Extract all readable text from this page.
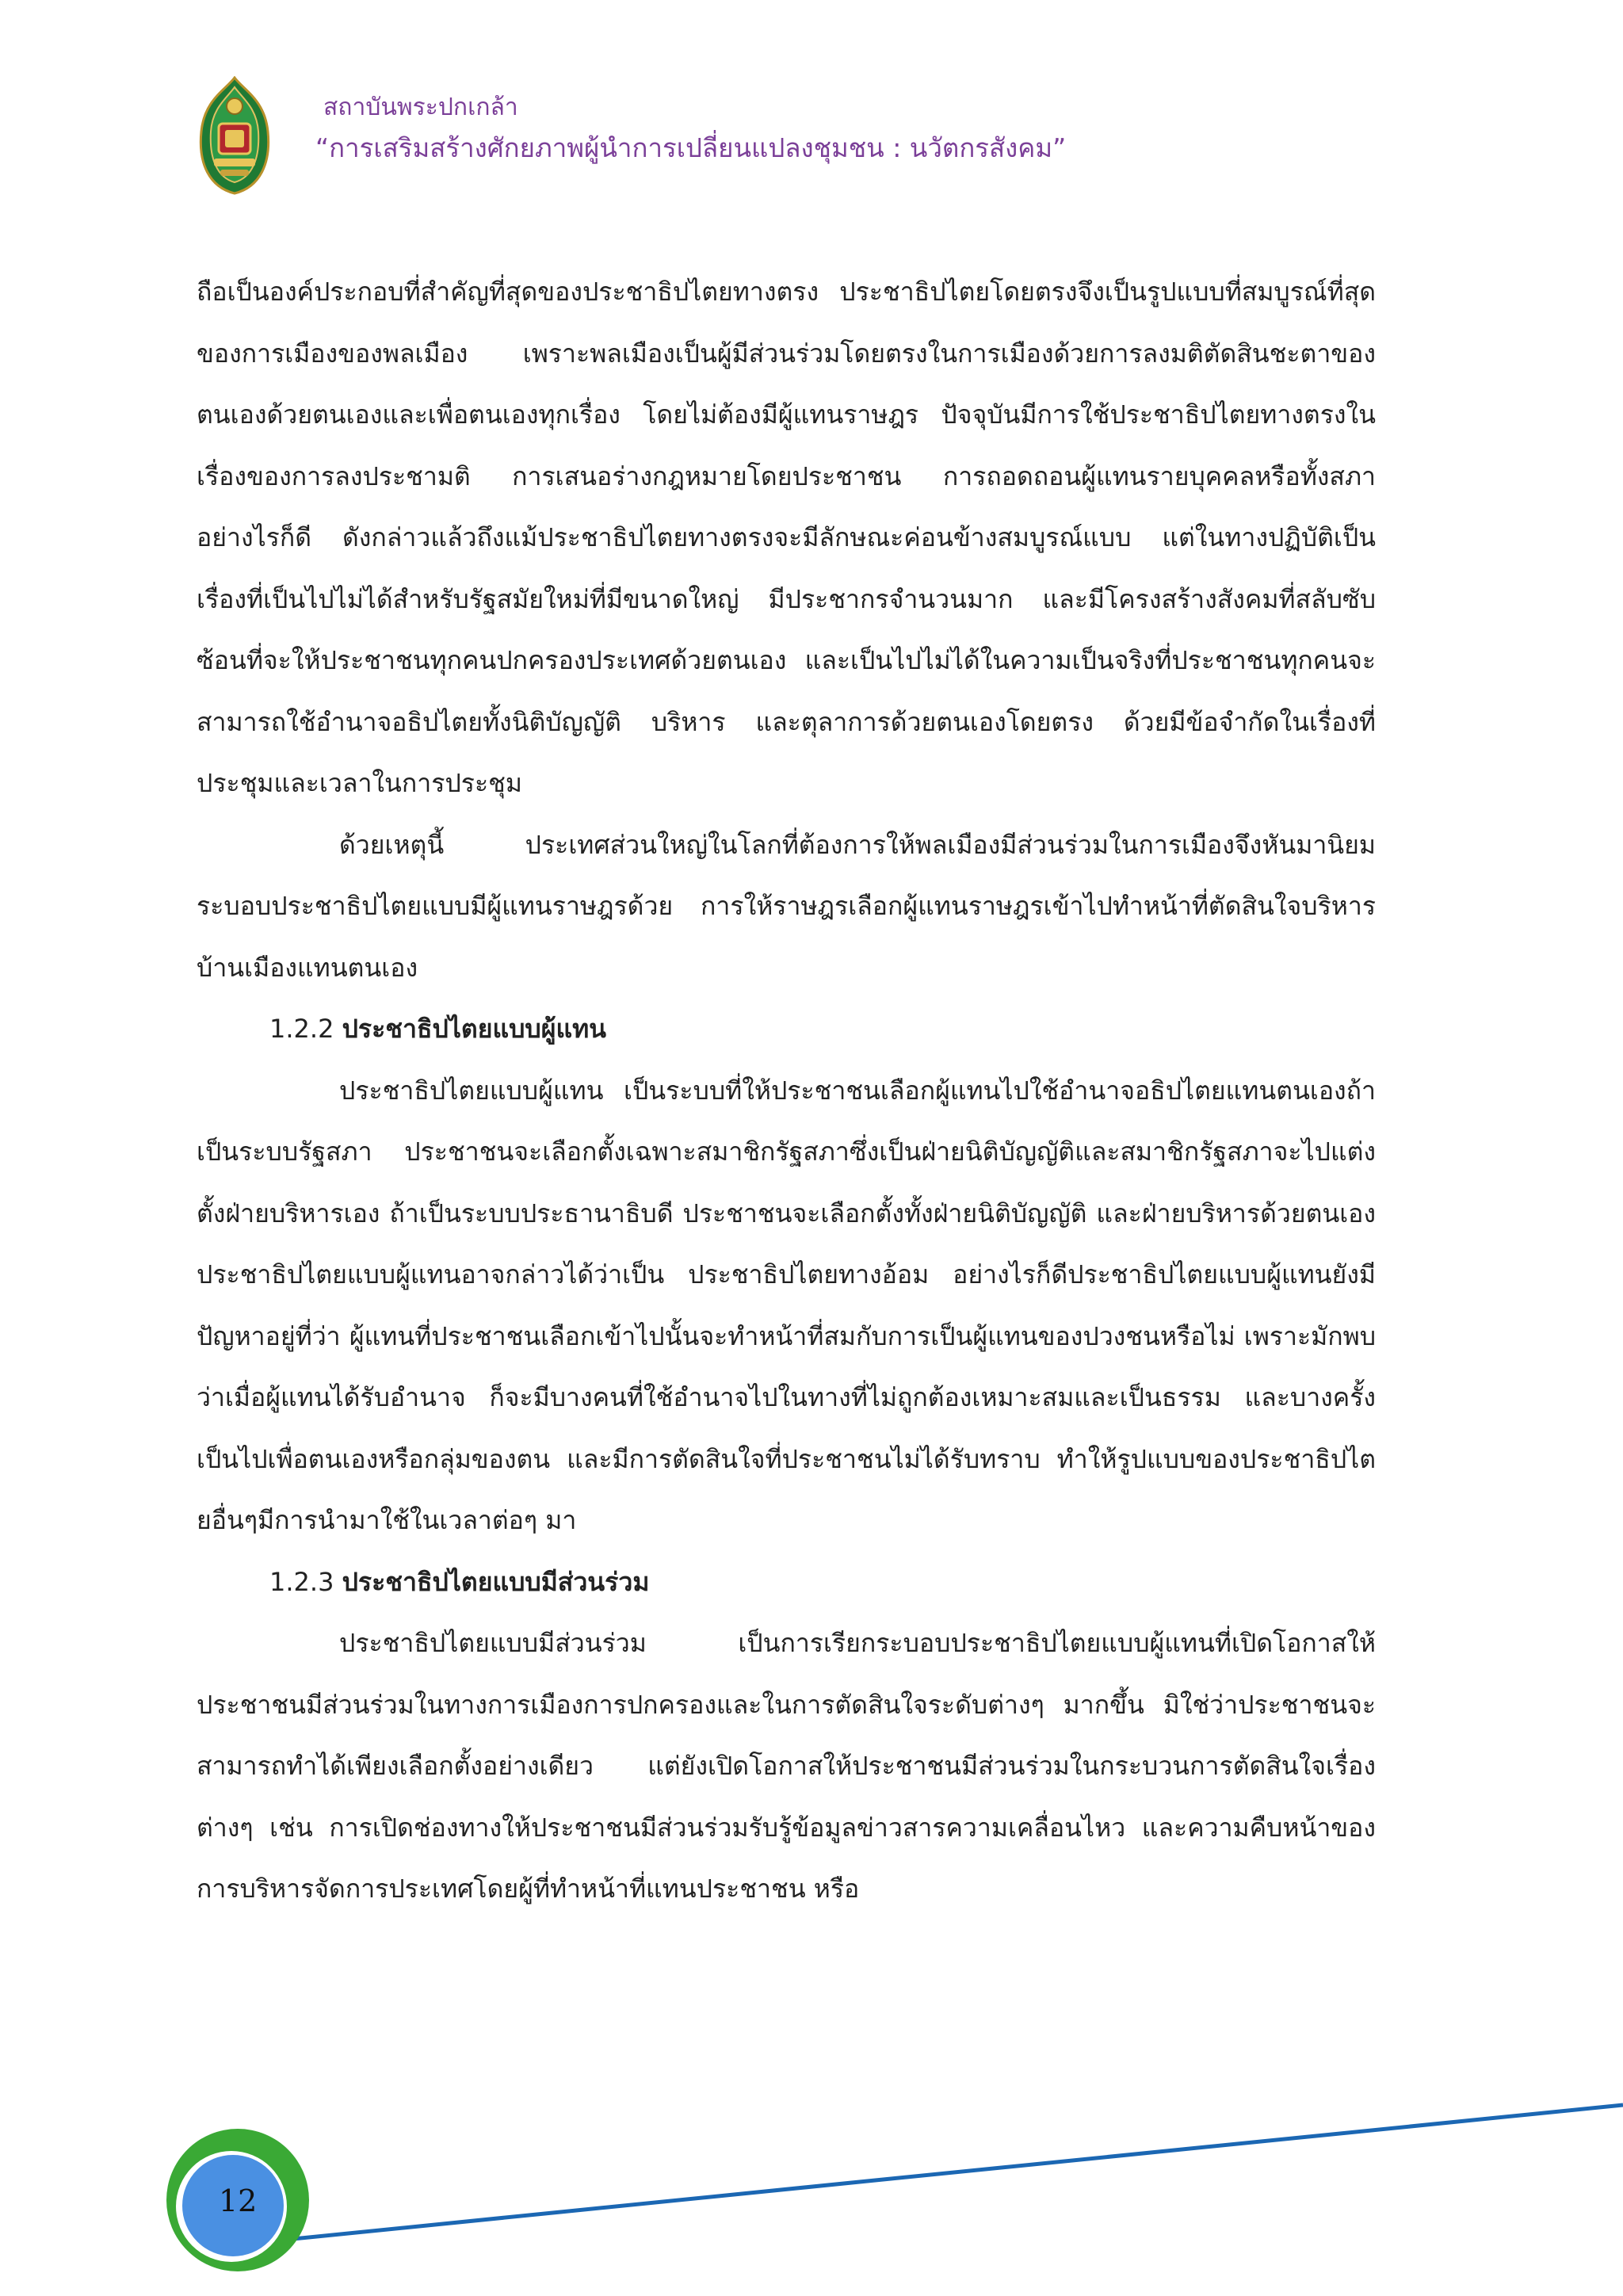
สถาบันพระปกเกล้า
“การเสริมสร้างศักยภาพผู้นำการเปลี่ยนแปลงชุมชน : นวัตกรสังคม”

ถือเป็นองค์ประกอบที่สำคัญที่สุดของประชาธิปไตยทางตรง ประชาธิปไตยโดยตรงจึงเป็นรูปแบบที่สมบูรณ์ที่สุดของการเมืองของพลเมือง เพราะพลเมืองเป็นผู้มีส่วนร่วมโดยตรงในการเมืองด้วยการลงมติตัดสินชะตาของตนเองด้วยตนเองและเพื่อตนเองทุกเรื่อง โดยไม่ต้องมีผู้แทนราษฎร ปัจจุบันมีการใช้ประชาธิปไตยทางตรงในเรื่องของการลงประชามติ การเสนอร่างกฎหมายโดยประชาชน การถอดถอนผู้แทนรายบุคคลหรือทั้งสภา อย่างไรก็ดี ดังกล่าวแล้วถึงแม้ประชาธิปไตยทางตรงจะมีลักษณะค่อนข้างสมบูรณ์แบบ แต่ในทางปฏิบัติเป็นเรื่องที่เป็นไปไม่ได้สำหรับรัฐสมัยใหม่ที่มีขนาดใหญ่ มีประชากรจำนวนมาก และมีโครงสร้างสังคมที่สลับซับซ้อนที่จะให้ประชาชนทุกคนปกครองประเทศด้วยตนเอง และเป็นไปไม่ได้ในความเป็นจริงที่ประชาชนทุกคนจะสามารถใช้อำนาจอธิปไตยทั้งนิติบัญญัติ บริหาร และตุลาการด้วยตนเองโดยตรง ด้วยมีข้อจำกัดในเรื่องที่ประชุมและเวลาในการประชุม

ด้วยเหตุนี้ ประเทศส่วนใหญ่ในโลกที่ต้องการให้พลเมืองมีส่วนร่วมในการเมืองจึงหันมานิยมระบอบประชาธิปไตยแบบมีผู้แทนราษฎรด้วย การให้ราษฎรเลือกผู้แทนราษฎรเข้าไปทำหน้าที่ตัดสินใจบริหารบ้านเมืองแทนตนเอง

1.2.2 ประชาธิปไตยแบบผู้แทน

ประชาธิปไตยแบบผู้แทน เป็นระบบที่ให้ประชาชนเลือกผู้แทนไปใช้อำนาจอธิปไตยแทนตนเองถ้าเป็นระบบรัฐสภา ประชาชนจะเลือกตั้งเฉพาะสมาชิกรัฐสภาซึ่งเป็นฝ่ายนิติบัญญัติและสมาชิกรัฐสภาจะไปแต่งตั้งฝ่ายบริหารเอง ถ้าเป็นระบบประธานาธิบดี ประชาชนจะเลือกตั้งทั้งฝ่ายนิติบัญญัติ และฝ่ายบริหารด้วยตนเอง ประชาธิปไตยแบบผู้แทนอาจกล่าวได้ว่าเป็น ประชาธิปไตยทางอ้อม อย่างไรก็ดีประชาธิปไตยแบบผู้แทนยังมีปัญหาอยู่ที่ว่า ผู้แทนที่ประชาชนเลือกเข้าไปนั้นจะทำหน้าที่สมกับการเป็นผู้แทนของปวงชนหรือไม่ เพราะมักพบว่าเมื่อผู้แทนได้รับอำนาจ ก็จะมีบางคนที่ใช้อำนาจไปในทางที่ไม่ถูกต้องเหมาะสมและเป็นธรรม และบางครั้งเป็นไปเพื่อตนเองหรือกลุ่มของตน และมีการตัดสินใจที่ประชาชนไม่ได้รับทราบ ทำให้รูปแบบของประชาธิปไตยอื่นๆมีการนำมาใช้ในเวลาต่อๆ มา

1.2.3 ประชาธิปไตยแบบมีส่วนร่วม

ประชาธิปไตยแบบมีส่วนร่วม เป็นการเรียกระบอบประชาธิปไตยแบบผู้แทนที่เปิดโอกาสให้ประชาชนมีส่วนร่วมในทางการเมืองการปกครองและในการตัดสินใจระดับต่างๆ มากขึ้น มิใช่ว่าประชาชนจะสามารถทำได้เพียงเลือกตั้งอย่างเดียว แต่ยังเปิดโอกาสให้ประชาชนมีส่วนร่วมในกระบวนการตัดสินใจเรื่องต่างๆ เช่น การเปิดช่องทางให้ประชาชนมีส่วนร่วมรับรู้ข้อมูลข่าวสารความเคลื่อนไหว และความคืบหน้าของการบริหารจัดการประเทศโดยผู้ที่ทำหน้าที่แทนประชาชน หรือ

12
